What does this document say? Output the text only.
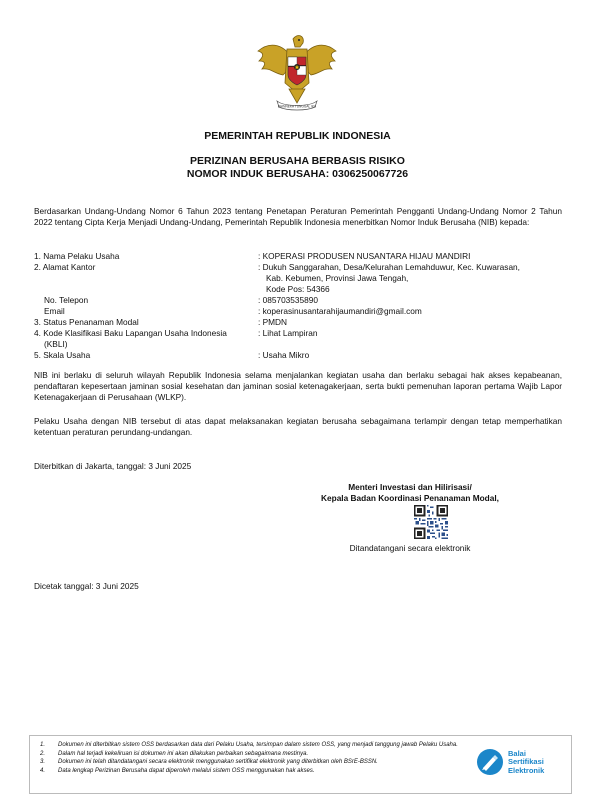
BHINNEKA TUNGGAL IKA
PEMERINTAH REPUBLIK INDONESIA
PERIZINAN BERUSAHA BERBASIS RISIKO
NOMOR INDUK BERUSAHA: 0306250067726
Berdasarkan Undang-Undang Nomor 6 Tahun 2023 tentang Penetapan Peraturan Pemerintah Pengganti Undang-Undang Nomor 2 Tahun 2022 tentang Cipta Kerja Menjadi Undang-Undang, Pemerintah Republik Indonesia menerbitkan Nomor Induk Berusaha (NIB) kepada:
1. Nama Pelaku Usaha	: KOPERASI PRODUSEN NUSANTARA HIJAU MANDIRI
2. Alamat Kantor	: Dukuh Sanggarahan, Desa/Kelurahan Lemahduwur, Kec. Kuwarasan,
Kab. Kebumen, Provinsi Jawa Tengah,
Kode Pos: 54366
No. Telepon	: 085703535890
Email	: koperasinusantarahijaumandiri@gmail.com
3. Status Penanaman Modal	: PMDN
4. Kode Klasifikasi Baku Lapangan Usaha Indonesia
(KBLI)
: Lihat Lampiran
5. Skala Usaha	: Usaha Mikro
NIB ini berlaku di seluruh wilayah Republik Indonesia selama menjalankan kegiatan usaha dan berlaku sebagai hak akses kepabeanan, pendaftaran kepesertaan jaminan sosial kesehatan dan jaminan sosial ketenagakerjaan, serta bukti pemenuhan laporan pertama Wajib Lapor Ketenagakerjaan di Perusahaan (WLKP).
Pelaku Usaha dengan NIB tersebut di atas dapat melaksanakan kegiatan berusaha sebagaimana terlampir dengan tetap memperhatikan ketentuan peraturan perundang-undangan.
Diterbitkan di Jakarta, tanggal: 3 Juni 2025
Menteri Investasi dan Hilirisasi/
Kepala Badan Koordinasi Penanaman Modal,
Ditandatangani secara elektronik
Dicetak tanggal: 3 Juni 2025
1. Dokumen ini diterbitkan sistem OSS berdasarkan data dari Pelaku Usaha, tersimpan dalam sistem OSS, yang menjadi tanggung jawab Pelaku Usaha.
2. Dalam hal terjadi kekeliruan isi dokumen ini akan dilakukan perbaikan sebagaimana mestinya.
3. Dokumen ini telah ditandatangani secara elektronik menggunakan sertifikat elektronik yang diterbitkan oleh BSrE-BSSN.
4. Data lengkap Perizinan Berusaha dapat diperoleh melalui sistem OSS menggunakan hak akses.
Balai
Sertifikasi
Elektronik
